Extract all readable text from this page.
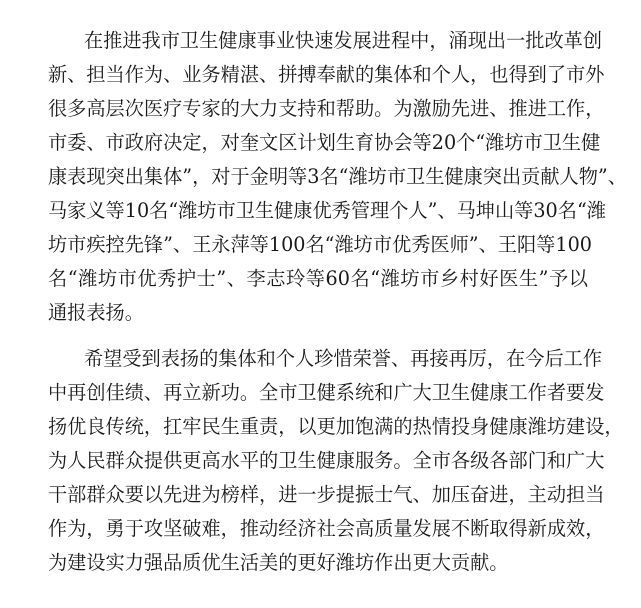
在推进我市卫生健康事业快速发展进程中，涌现出一批改革创
新、担当作为、业务精湛、拼搏奉献的集体和个人，也得到了市外
很多高层次医疗专家的大力支持和帮助。为激励先进、推进工作，
市委、市政府决定，对奎文区计划生育协会等20个“潍坊市卫生健
康表现突出集体”，对于金明等3名“潍坊市卫生健康突出贡献人物”、
马家义等10名“潍坊市卫生健康优秀管理个人”、马坤山等30名“潍
坊市疾控先锋”、王永萍等100名“潍坊市优秀医师”、王阳等100
名“潍坊市优秀护士”、李志玲等60名“潍坊市乡村好医生”予以
通报表扬。
希望受到表扬的集体和个人珍惜荣誉、再接再厉，在今后工作
中再创佳绩、再立新功。全市卫健系统和广大卫生健康工作者要发
扬优良传统，扛牢民生重责，以更加饱满的热情投身健康潍坊建设，
为人民群众提供更高水平的卫生健康服务。全市各级各部门和广大
干部群众要以先进为榜样，进一步提振士气、加压奋进，主动担当
作为，勇于攻坚破难，推动经济社会高质量发展不断取得新成效，
为建设实力强品质优生活美的更好潍坊作出更大贡献。
